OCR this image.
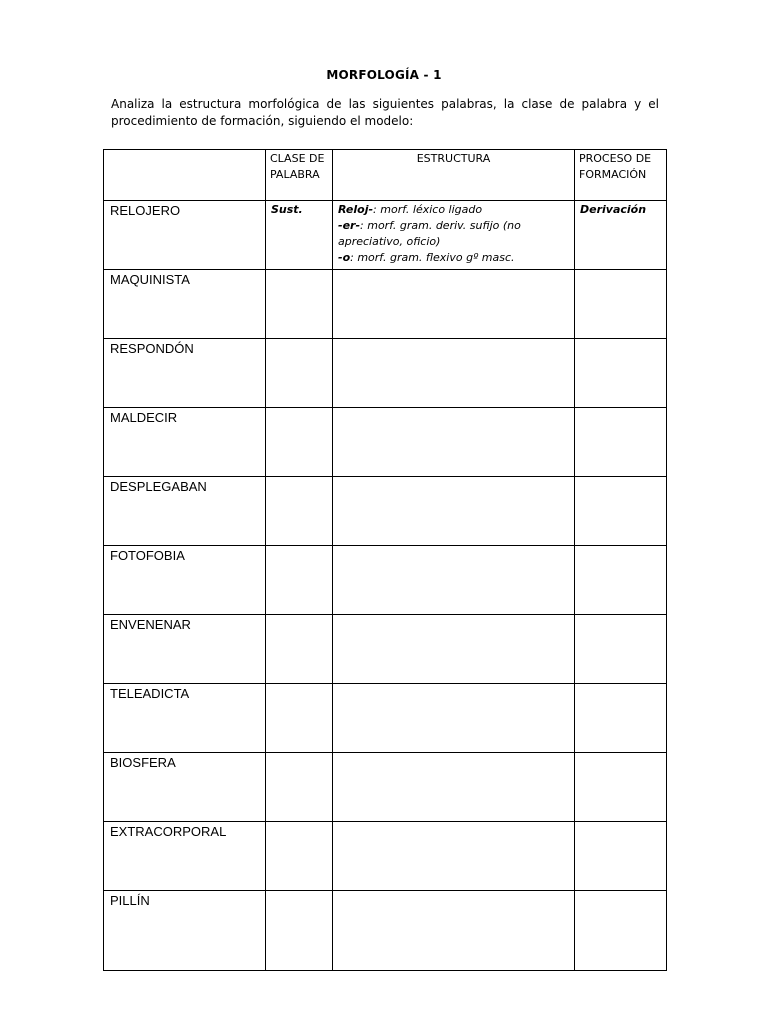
MORFOLOGÍA - 1
Analiza la estructura morfológica de las siguientes palabras, la clase de palabra y el procedimiento de formación, siguiendo el modelo:
	CLASE DE PALABRA	ESTRUCTURA	PROCESO DE FORMACIÓN
RELOJERO	Sust.	Reloj-: morf. léxico ligado
-er-: morf. gram. deriv. sufijo (no apreciativo, oficio)
-o: morf. gram. flexivo gº masc.	Derivación
MAQUINISTA			
RESPONDÓN			
MALDECIR			
DESPLEGABAN			
FOTOFOBIA			
ENVENENAR			
TELEADICTA			
BIOSFERA			
EXTRACORPORAL			
PILLÍN			
